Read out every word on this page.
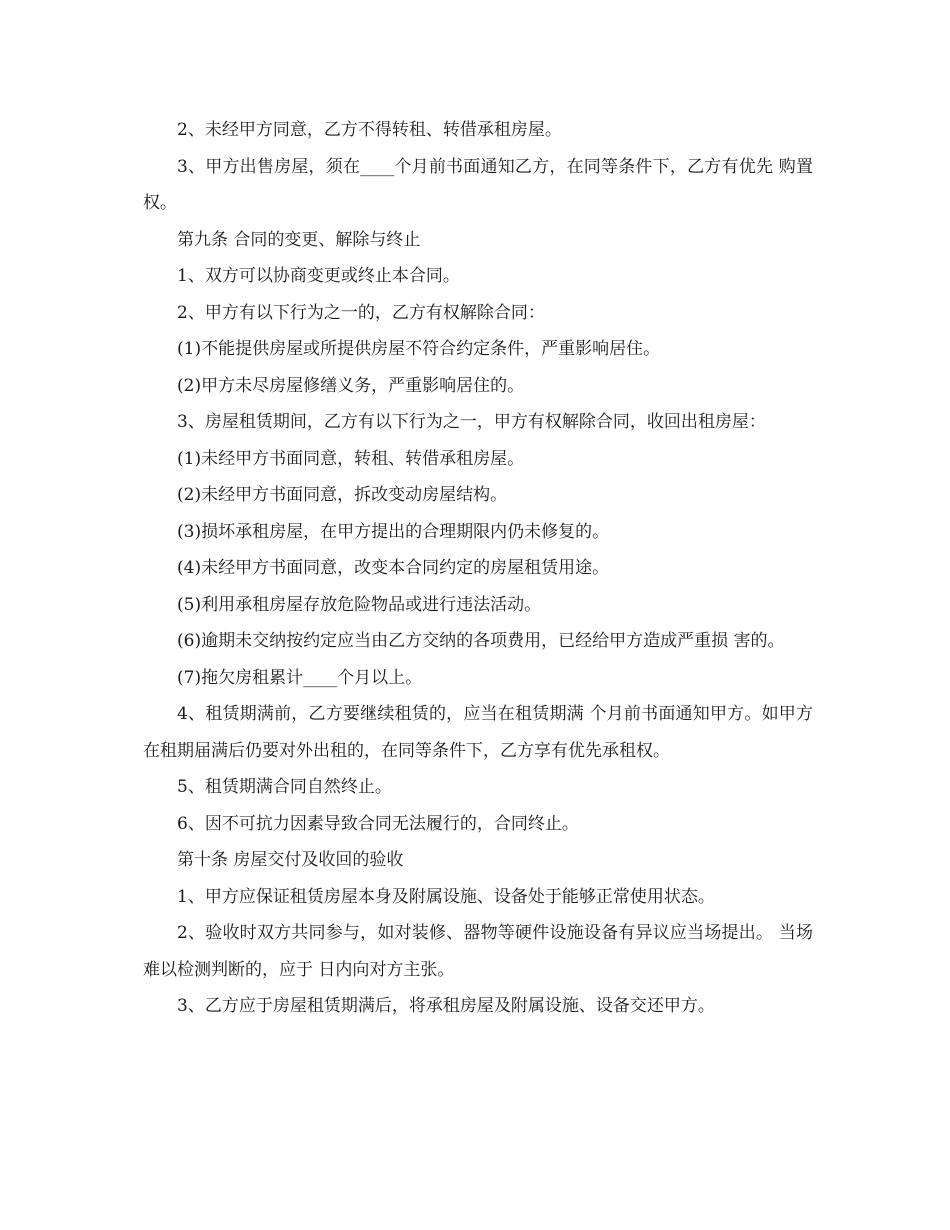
2、未经甲方同意，乙方不得转租、转借承租房屋。

3、甲方出售房屋，须在____个月前书面通知乙方，在同等条件下，乙方有优先 购置权。

第九条 合同的变更、解除与终止

1、双方可以协商变更或终止本合同。

2、甲方有以下行为之一的，乙方有权解除合同：

(1)不能提供房屋或所提供房屋不符合约定条件，严重影响居住。

(2)甲方未尽房屋修缮义务，严重影响居住的。

3、房屋租赁期间，乙方有以下行为之一，甲方有权解除合同，收回出租房屋：

(1)未经甲方书面同意，转租、转借承租房屋。

(2)未经甲方书面同意，拆改变动房屋结构。

(3)损坏承租房屋，在甲方提出的合理期限内仍未修复的。

(4)未经甲方书面同意，改变本合同约定的房屋租赁用途。

(5)利用承租房屋存放危险物品或进行违法活动。

(6)逾期未交纳按约定应当由乙方交纳的各项费用，已经给甲方造成严重损 害的。

(7)拖欠房租累计____个月以上。

4、租赁期满前，乙方要继续租赁的，应当在租赁期满 个月前书面通知甲方。如甲方在租期届满后仍要对外出租的，在同等条件下，乙方享有优先承租权。

5、租赁期满合同自然终止。

6、因不可抗力因素导致合同无法履行的，合同终止。

第十条 房屋交付及收回的验收

1、甲方应保证租赁房屋本身及附属设施、设备处于能够正常使用状态。

2、验收时双方共同参与，如对装修、器物等硬件设施设备有异议应当场提出。 当场难以检测判断的，应于 日内向对方主张。

3、乙方应于房屋租赁期满后，将承租房屋及附属设施、设备交还甲方。
